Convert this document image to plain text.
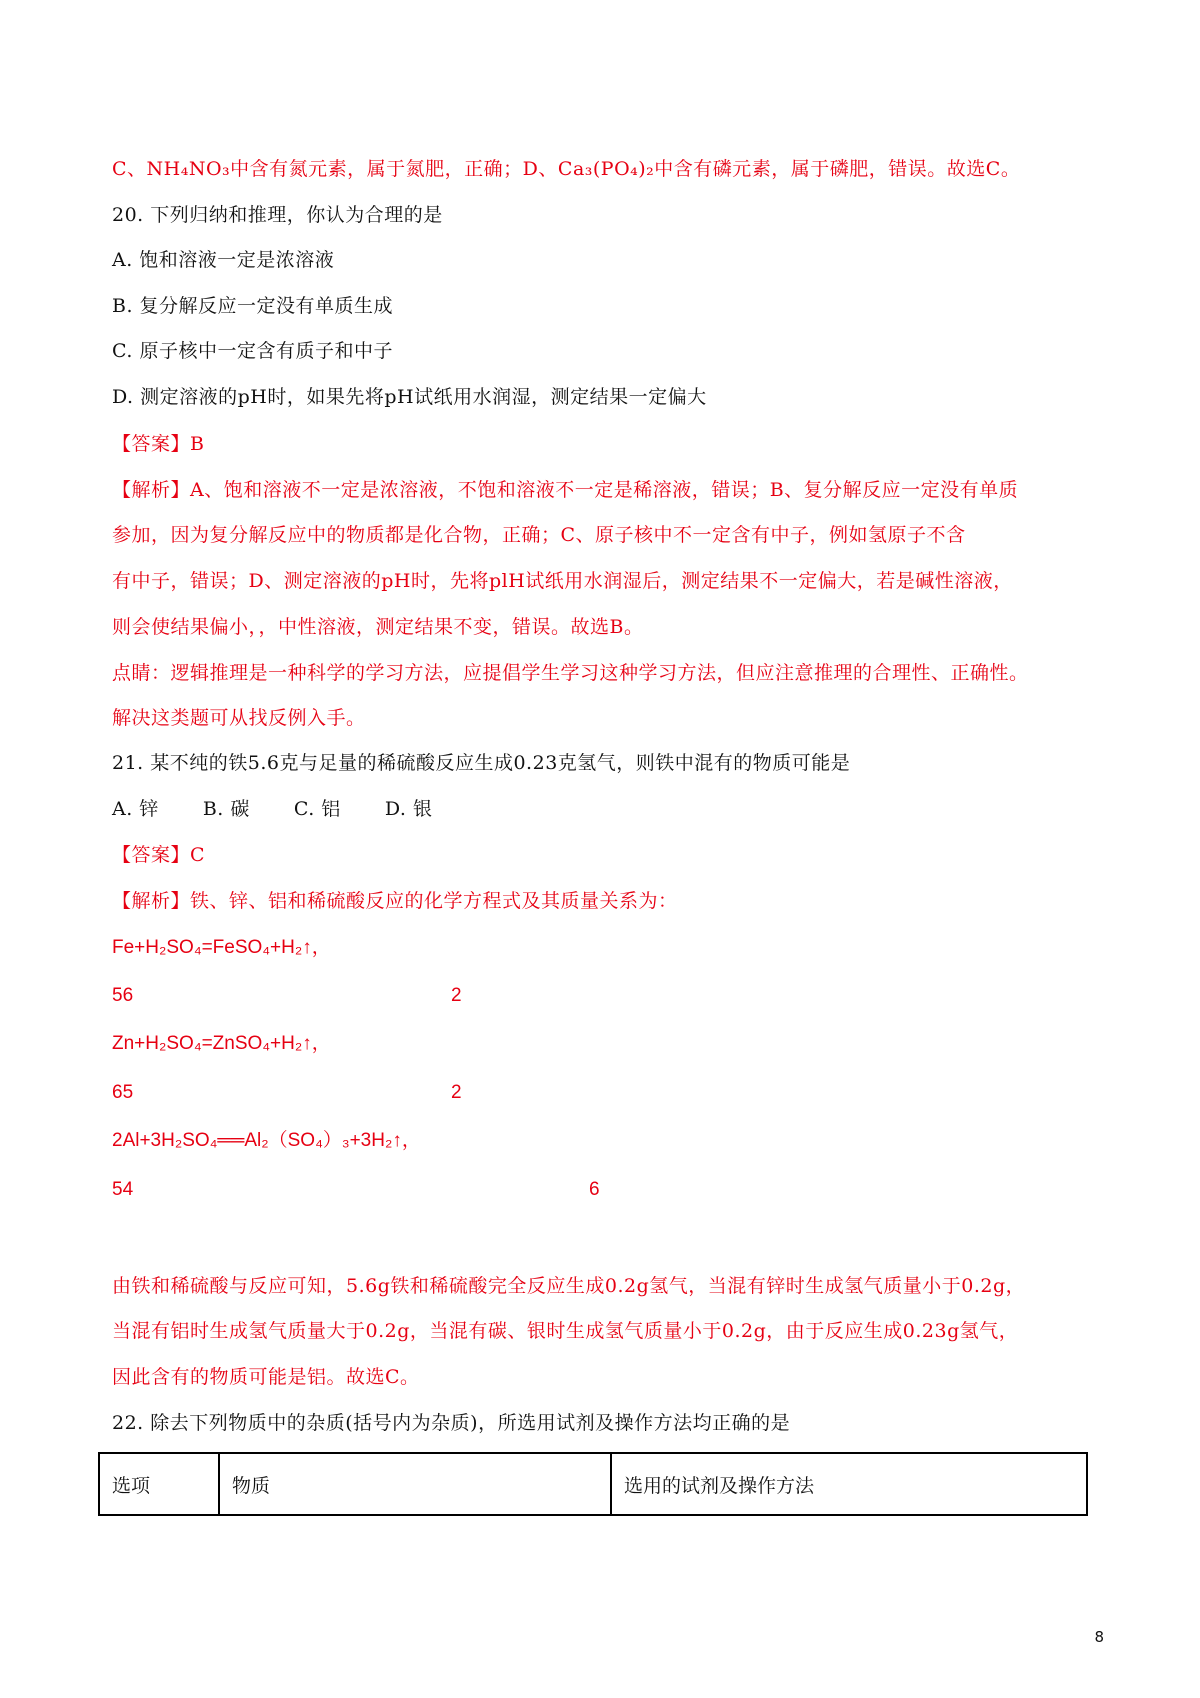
C、NH₄NO₃中含有氮元素，属于氮肥，正确；D、Ca₃(PO₄)₂中含有磷元素，属于磷肥，错误。故选C。
20. 下列归纳和推理，你认为合理的是
A. 饱和溶液一定是浓溶液
B. 复分解反应一定没有单质生成
C. 原子核中一定含有质子和中子
D. 测定溶液的pH时，如果先将pH试纸用水润湿，测定结果一定偏大
【答案】B
【解析】A、饱和溶液不一定是浓溶液，不饱和溶液不一定是稀溶液，错误；B、复分解反应一定没有单质
参加，因为复分解反应中的物质都是化合物，正确；C、原子核中不一定含有中子，例如氢原子不含
有中子，错误；D、测定溶液的pH时，先将plH试纸用水润湿后，测定结果不一定偏大，若是碱性溶液，
则会使结果偏小，，中性溶液，测定结果不变，错误。故选B。
点睛：逻辑推理是一种科学的学习方法，应提倡学生学习这种学习方法，但应注意推理的合理性、正确性。
解决这类题可从找反例入手。
21. 某不纯的铁5.6克与足量的稀硫酸反应生成0.23克氢气，则铁中混有的物质可能是
A. 锌 B. 碳 C. 铝 D. 银
【答案】C
【解析】铁、锌、铝和稀硫酸反应的化学方程式及其质量关系为：
Fe+H₂SO₄=FeSO₄+H₂↑，
56	2
Zn+H₂SO₄=ZnSO₄+H₂↑，
65	2
2Al+3H₂SO₄══Al₂（SO₄）₃+3H₂↑，
54	6
由铁和稀硫酸与反应可知，5.6g铁和稀硫酸完全反应生成0.2g氢气，当混有锌时生成氢气质量小于0.2g，
当混有铝时生成氢气质量大于0.2g，当混有碳、银时生成氢气质量小于0.2g，由于反应生成0.23g氢气，
因此含有的物质可能是铝。故选C。
22. 除去下列物质中的杂质(括号内为杂质)，所选用试剂及操作方法均正确的是
选项	物质	选用的试剂及操作方法
8
